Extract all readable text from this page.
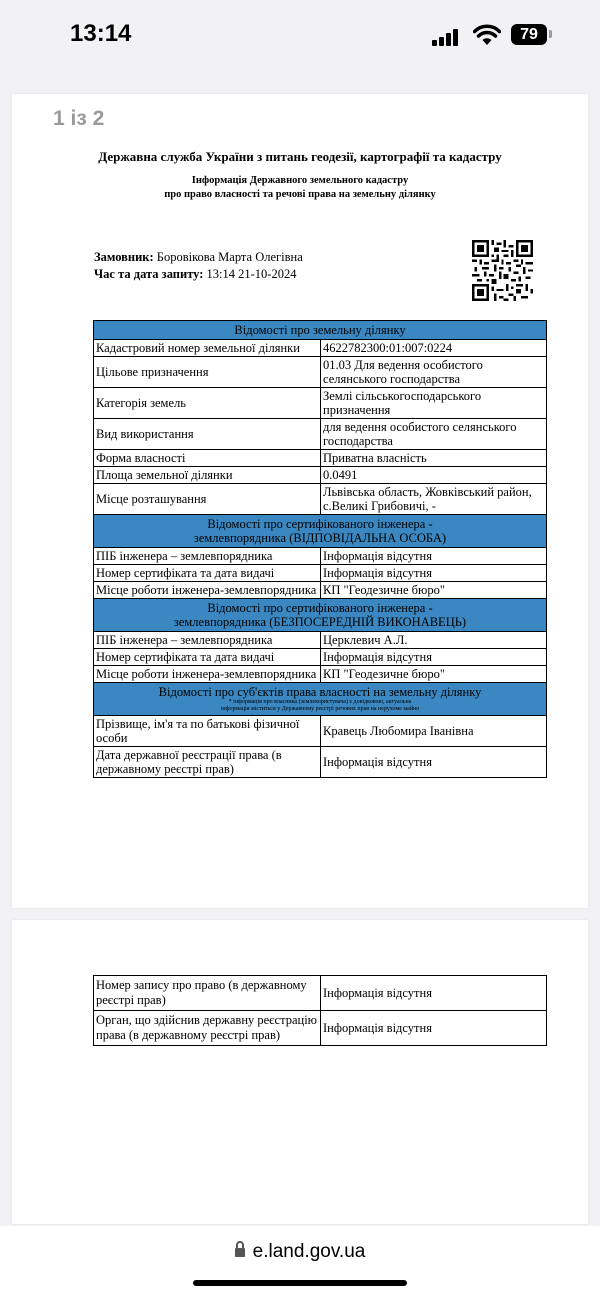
13:14	79
1 із 2
Державна служба України з питань геодезії, картографії та кадастру
Інформація Державного земельного кадастру
про право власності та речові права на земельну ділянку
Замовник: Боровікова Марта Олегівна
Час та дата запиту: 13:14 21-10-2024
Відомості про земельну ділянку	
Кадастровий номер земельної ділянки	4622782300:01:007:0224
Цільове призначення	01.03 Для ведення особистого селянського господарства
Категорія земель	Землі сільськогосподарського призначення
Вид використання	для ведення особистого селянського господарства
Форма власності	Приватна власність
Площа земельної ділянки	0.0491
Місце розташування	Львівська область, Жовківський район, с.Великі Грибовичі, -

Відомості про сертифікованого інженера -
землевпорядника (ВІДПОВІДАЛЬНА ОСОБА)	

ПІБ інженера – землевпорядника	Інформація відсутня
Номер сертифіката та дата видачі	Інформація відсутня
Місце роботи інженера-землевпорядника	КП "Геодезичне бюро"

Відомості про сертифікованого інженера -
землевпорядника (БЕЗПОСЕРЕДНІЙ ВИКОНАВЕЦЬ)	

ПІБ інженера – землевпорядника	Церклевич А.Л.
Номер сертифіката та дата видачі	Інформація відсутня
Місце роботи інженера-землевпорядника	КП "Геодезичне бюро"

Відомості про суб'єктів права власності на земельну ділянку
* інформація про власника (землекористувача) є довідковою, актуальна
інформація міститься у Державному реєстрі речових прав на нерухоме майно	

Прізвище, ім'я та по батькові фізичної особи	Кравець Любомира Іванівна
Дата державної реєстрації права (в державному реєстрі прав)	Інформація відсутня
Номер запису про право (в державному реєстрі прав)	Інформація відсутня
Орган, що здійснив державну реєстрацію права (в державному реєстрі прав)	Інформація відсутня
e.land.gov.ua
